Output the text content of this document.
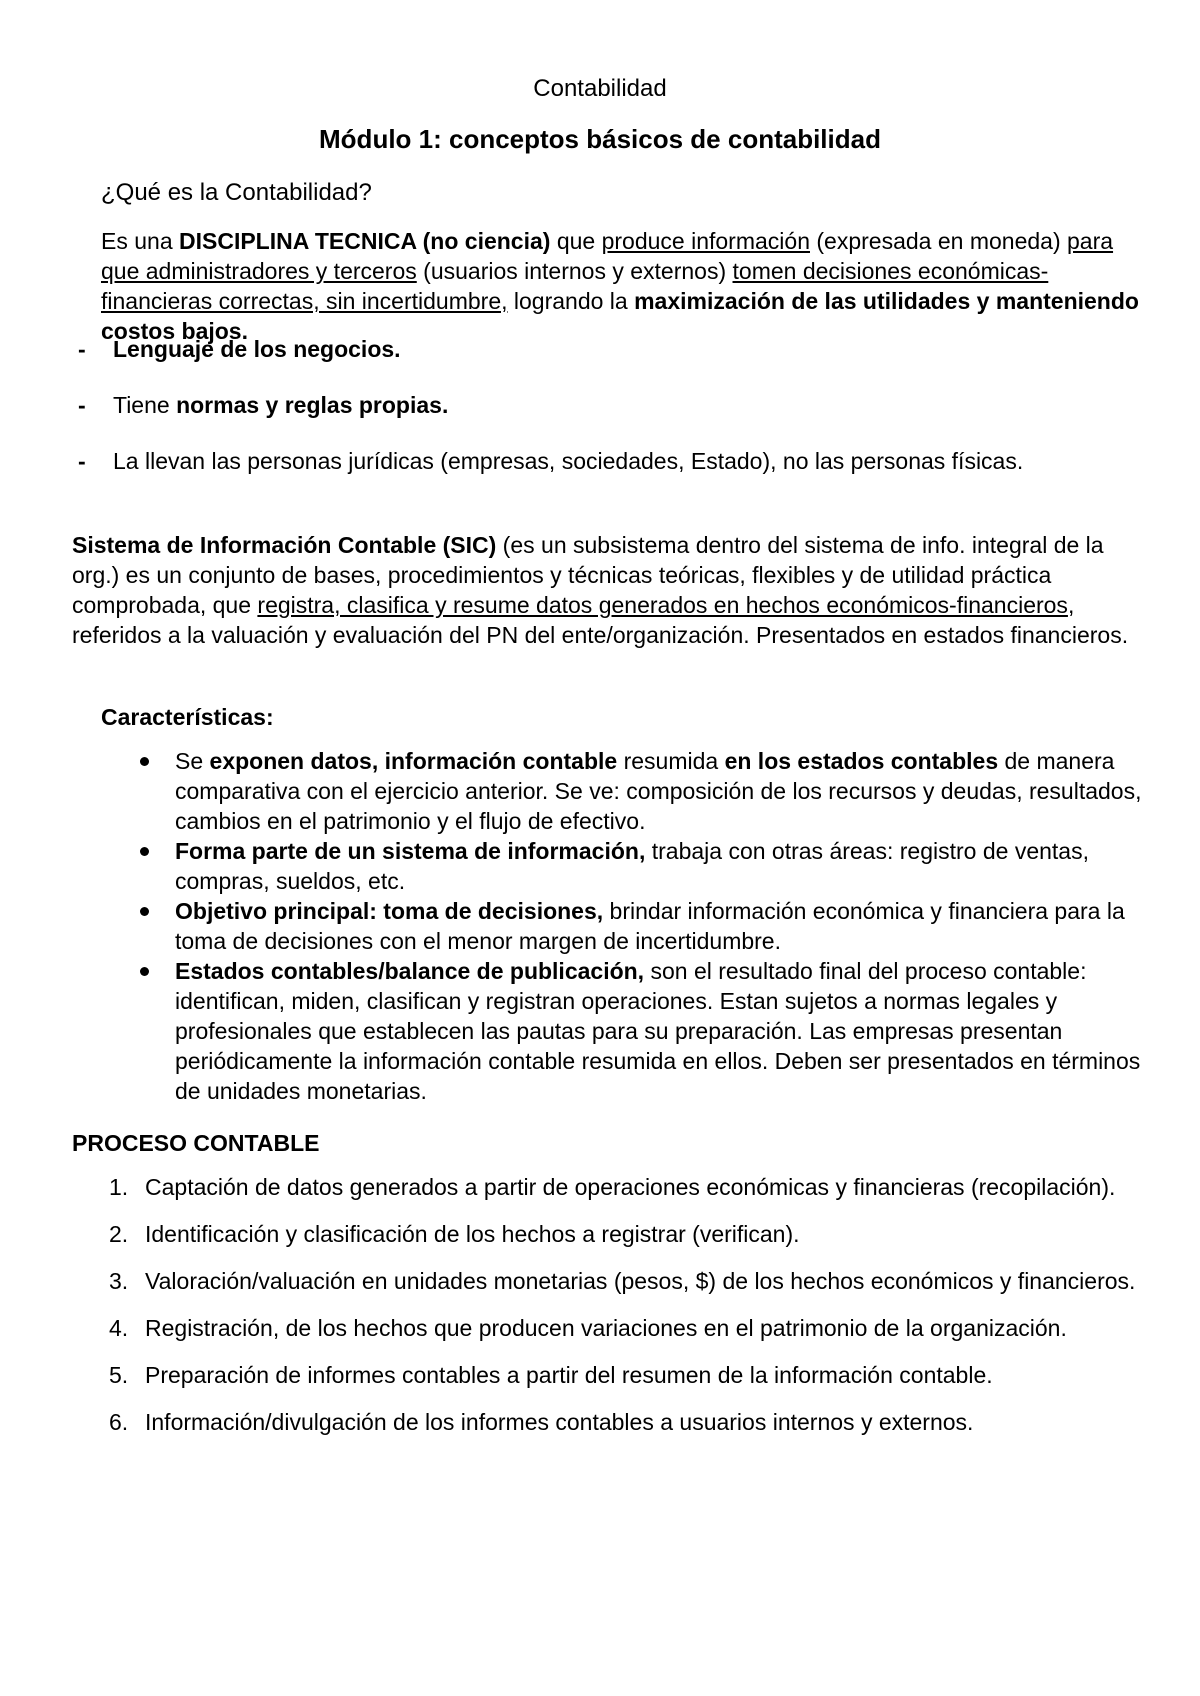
Contabilidad
Módulo 1: conceptos básicos de contabilidad
¿Qué es la Contabilidad?
Es una DISCIPLINA TECNICA (no ciencia) que produce información (expresada en moneda) para que administradores y terceros (usuarios internos y externos) tomen decisiones económicas-financieras correctas, sin incertidumbre, logrando la maximización de las utilidades y manteniendo costos bajos.
- Lenguaje de los negocios.
- Tiene normas y reglas propias.
- La llevan las personas jurídicas (empresas, sociedades, Estado), no las personas físicas.
Sistema de Información Contable (SIC) (es un subsistema dentro del sistema de info. integral de la org.) es un conjunto de bases, procedimientos y técnicas teóricas, flexibles y de utilidad práctica comprobada, que registra, clasifica y resume datos generados en hechos económicos-financieros, referidos a la valuación y evaluación del PN del ente/organización. Presentados en estados financieros.
Características:
Se exponen datos, información contable resumida en los estados contables de manera comparativa con el ejercicio anterior. Se ve: composición de los recursos y deudas, resultados, cambios en el patrimonio y el flujo de efectivo.
Forma parte de un sistema de información, trabaja con otras áreas: registro de ventas, compras, sueldos, etc.
Objetivo principal: toma de decisiones, brindar información económica y financiera para la toma de decisiones con el menor margen de incertidumbre.
Estados contables/balance de publicación, son el resultado final del proceso contable: identifican, miden, clasifican y registran operaciones. Estan sujetos a normas legales y profesionales que establecen las pautas para su preparación. Las empresas presentan periódicamente la información contable resumida en ellos. Deben ser presentados en términos de unidades monetarias.
PROCESO CONTABLE
1. Captación de datos generados a partir de operaciones económicas y financieras (recopilación).
2. Identificación y clasificación de los hechos a registrar (verifican).
3. Valoración/valuación en unidades monetarias (pesos, $) de los hechos económicos y financieros.
4. Registración, de los hechos que producen variaciones en el patrimonio de la organización.
5. Preparación de informes contables a partir del resumen de la información contable.
6. Información/divulgación de los informes contables a usuarios internos y externos.
